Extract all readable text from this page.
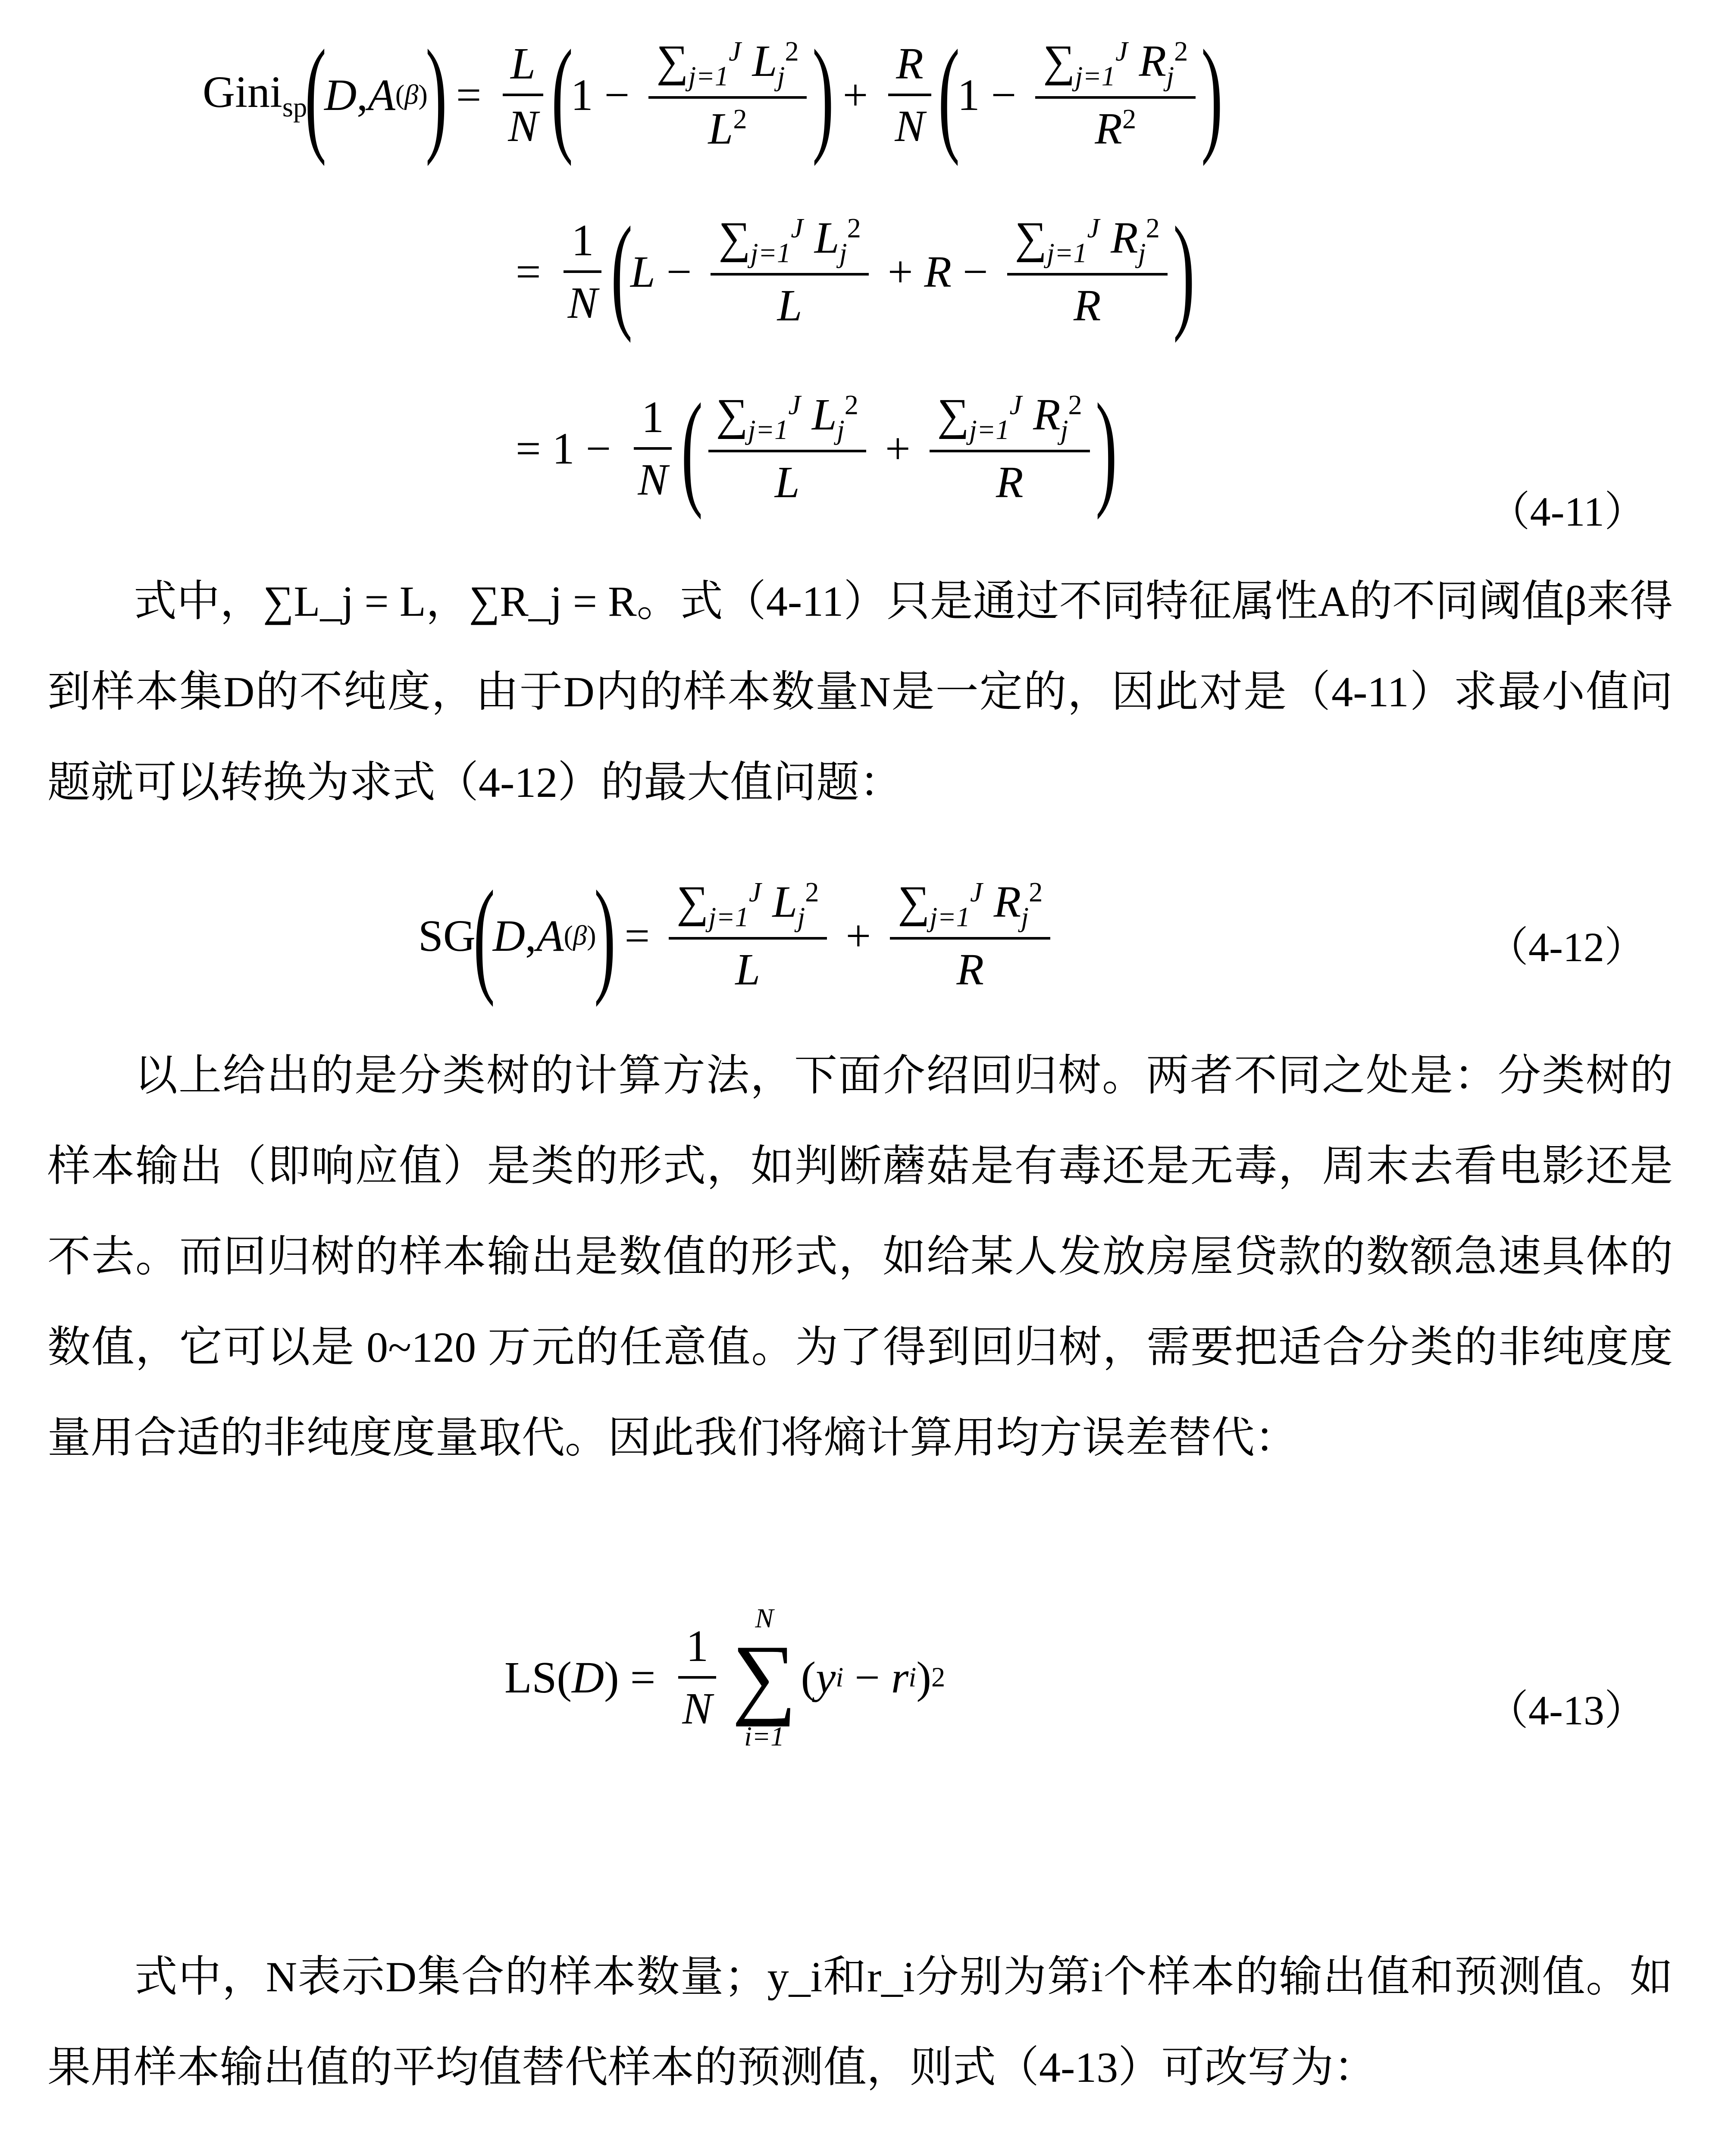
Gini$_{sp}$
(
D , A (β)
) = $\frac{L}{N}$ (
$1 - \frac{\sum_{j=1}^J L_j^2}{L^2}$ ) + $\frac{R}{N}$ (
$1 - \frac{\sum_{j=1}^J R_j^2}{R^2}$ )
= $\frac{1}{N}$ (
$L - \frac{\sum_{j=1}^J L_j^2}{L} + R - \frac{\sum_{j=1}^J R_j^2}{R}$ )
= $1 - \frac{1}{N}$ ( $\frac{\sum_{j=1}^J L_j^2}{L} + \frac{\sum_{j=1}^J R_j^2}{R}$ )	（4-11）

式中，∑L_j = L，∑R_j = R。式（4-11）只是通过不同特征属性A的不同阈值β来得到样本集D的不纯度，由于D内的样本数量N是一定的，因此对是（4-11）求最小值问题就可以转换为求式（4-12）的最大值问题：

SG
(
D , A (β)
) = $\frac{\sum_{j=1}^J L_j^2}{L} + \frac{\sum_{j=1}^J R_j^2}{R}$	（4-12）

以上给出的是分类树的计算方法，下面介绍回归树。两者不同之处是：分类树的样本输出（即响应值）是类的形式，如判断蘑菇是有毒还是无毒，周末去看电影还是不去。而回归树的样本输出是数值的形式，如给某人发放房屋贷款的数额急速具体的数值，它可以是 0~120 万元的任意值。为了得到回归树，需要把适合分类的非纯度度量用合适的非纯度度量取代。因此我们将熵计算用均方误差替代：

LS ( D ) = $\frac{1}{N}$
N
∑
i=1
( y i − r i ) 2
（4-13）

式中，N表示D集合的样本数量；y_i和r_i分别为第i个样本的输出值和预测值。如果用样本输出值的平均值替代样本的预测值，则式（4-13）可改写为：
